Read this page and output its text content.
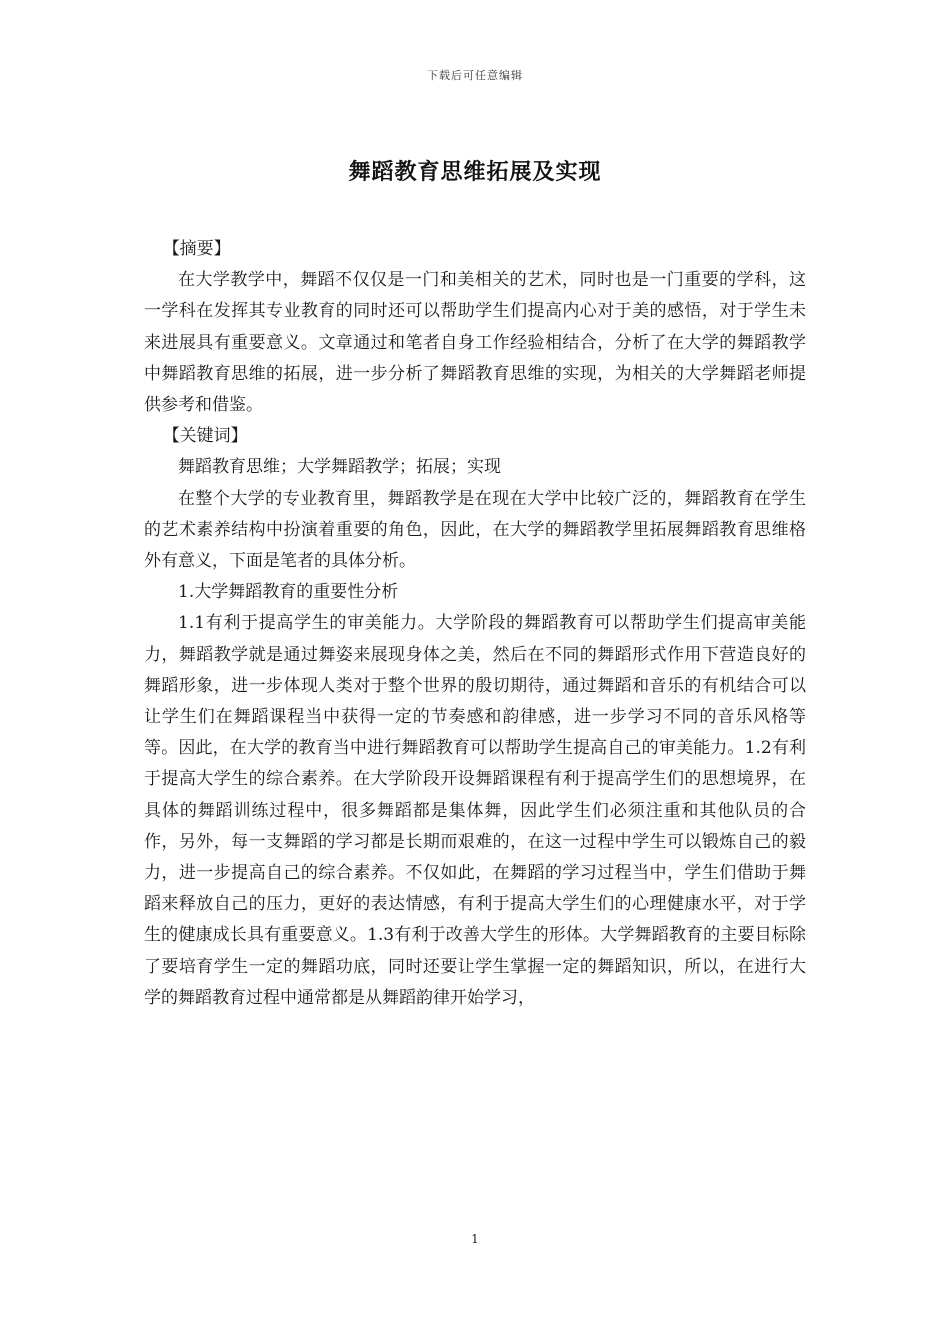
下载后可任意编辑
舞蹈教育思维拓展及实现

【摘要】

在大学教学中，舞蹈不仅仅是一门和美相关的艺术，同时也是一门重要的学科，这一学科在发挥其专业教育的同时还可以帮助学生们提高内心对于美的感悟，对于学生未来进展具有重要意义。文章通过和笔者自身工作经验相结合，分析了在大学的舞蹈教学中舞蹈教育思维的拓展，进一步分析了舞蹈教育思维的实现，为相关的大学舞蹈老师提供参考和借鉴。

【关键词】

舞蹈教育思维；大学舞蹈教学；拓展；实现

在整个大学的专业教育里，舞蹈教学是在现在大学中比较广泛的，舞蹈教育在学生的艺术素养结构中扮演着重要的角色，因此，在大学的舞蹈教学里拓展舞蹈教育思维格外有意义，下面是笔者的具体分析。

1.大学舞蹈教育的重要性分析

1.1有利于提高学生的审美能力。大学阶段的舞蹈教育可以帮助学生们提高审美能力，舞蹈教学就是通过舞姿来展现身体之美，然后在不同的舞蹈形式作用下营造良好的舞蹈形象，进一步体现人类对于整个世界的殷切期待，通过舞蹈和音乐的有机结合可以让学生们在舞蹈课程当中获得一定的节奏感和韵律感，进一步学习不同的音乐风格等等。因此，在大学的教育当中进行舞蹈教育可以帮助学生提高自己的审美能力。1.2有利于提高大学生的综合素养。在大学阶段开设舞蹈课程有利于提高学生们的思想境界，在具体的舞蹈训练过程中，很多舞蹈都是集体舞，因此学生们必须注重和其他队员的合作，另外，每一支舞蹈的学习都是长期而艰难的，在这一过程中学生可以锻炼自己的毅力，进一步提高自己的综合素养。不仅如此，在舞蹈的学习过程当中，学生们借助于舞蹈来释放自己的压力，更好的表达情感，有利于提高大学生们的心理健康水平，对于学生的健康成长具有重要意义。1.3有利于改善大学生的形体。大学舞蹈教育的主要目标除了要培育学生一定的舞蹈功底，同时还要让学生掌握一定的舞蹈知识，所以，在进行大学的舞蹈教育过程中通常都是从舞蹈韵律开始学习，

1
